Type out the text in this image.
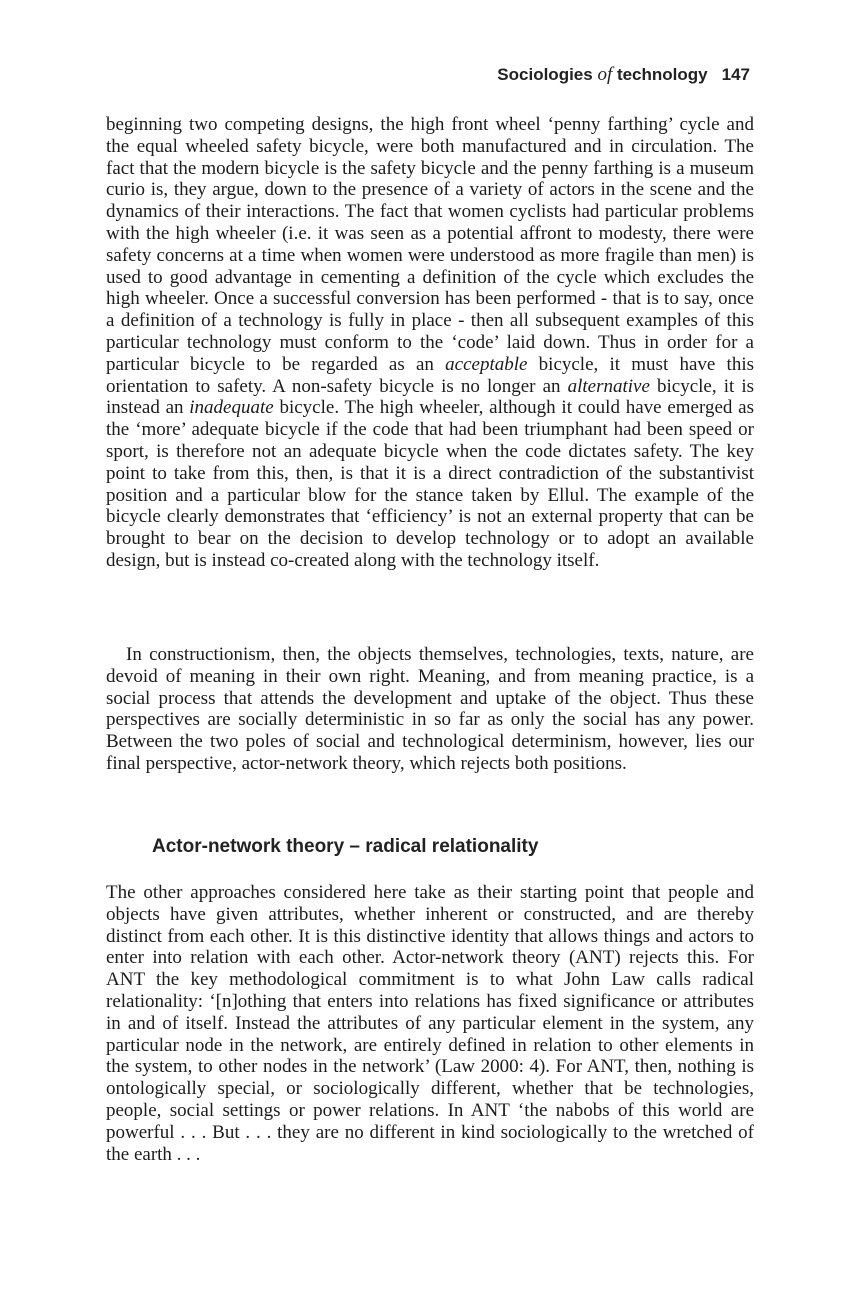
Sociologies of technology 147

beginning two competing designs, the high front wheel ‘penny farthing’ cycle and the equal wheeled safety bicycle, were both manufactured and in circulation. The fact that the modern bicycle is the safety bicycle and the penny farthing is a museum curio is, they argue, down to the presence of a variety of actors in the scene and the dynamics of their interactions. The fact that women cyclists had particular problems with the high wheeler (i.e. it was seen as a potential affront to modesty, there were safety concerns at a time when women were understood as more fragile than men) is used to good advantage in cementing a definition of the cycle which excludes the high wheeler. Once a successful conversion has been performed - that is to say, once a definition of a technology is fully in place - then all subsequent examples of this particular technology must conform to the ‘code’ laid down. Thus in order for a particular bicycle to be regarded as an acceptable bicycle, it must have this orientation to safety. A non-safety bicycle is no longer an alternative bicycle, it is instead an inadequate bicycle. The high wheeler, although it could have emerged as the ‘more’ adequate bicycle if the code that had been triumphant had been speed or sport, is therefore not an adequate bicycle when the code dictates safety. The key point to take from this, then, is that it is a direct contradiction of the substantivist position and a particular blow for the stance taken by Ellul. The example of the bicycle clearly demonstrates that ‘efficiency’ is not an external property that can be brought to bear on the decision to develop technology or to adopt an available design, but is instead co-created along with the technology itself.

In constructionism, then, the objects themselves, technologies, texts, nature, are devoid of meaning in their own right. Meaning, and from meaning practice, is a social process that attends the development and uptake of the object. Thus these perspectives are socially deterministic in so far as only the social has any power. Between the two poles of social and technological determinism, however, lies our final perspective, actor-network theory, which rejects both positions.

Actor-network theory – radical relationality

The other approaches considered here take as their starting point that people and objects have given attributes, whether inherent or constructed, and are thereby distinct from each other. It is this distinctive identity that allows things and actors to enter into relation with each other. Actor-network theory (ANT) rejects this. For ANT the key methodological commitment is to what John Law calls radical relationality: ‘[n]othing that enters into relations has fixed significance or attributes in and of itself. Instead the attributes of any particular element in the system, any particular node in the network, are entirely defined in relation to other elements in the system, to other nodes in the network’ (Law 2000: 4). For ANT, then, nothing is ontologically special, or sociologically different, whether that be technologies, people, social settings or power relations. In ANT ‘the nabobs of this world are powerful . . . But . . . they are no different in kind sociologically to the wretched of the earth . . .
